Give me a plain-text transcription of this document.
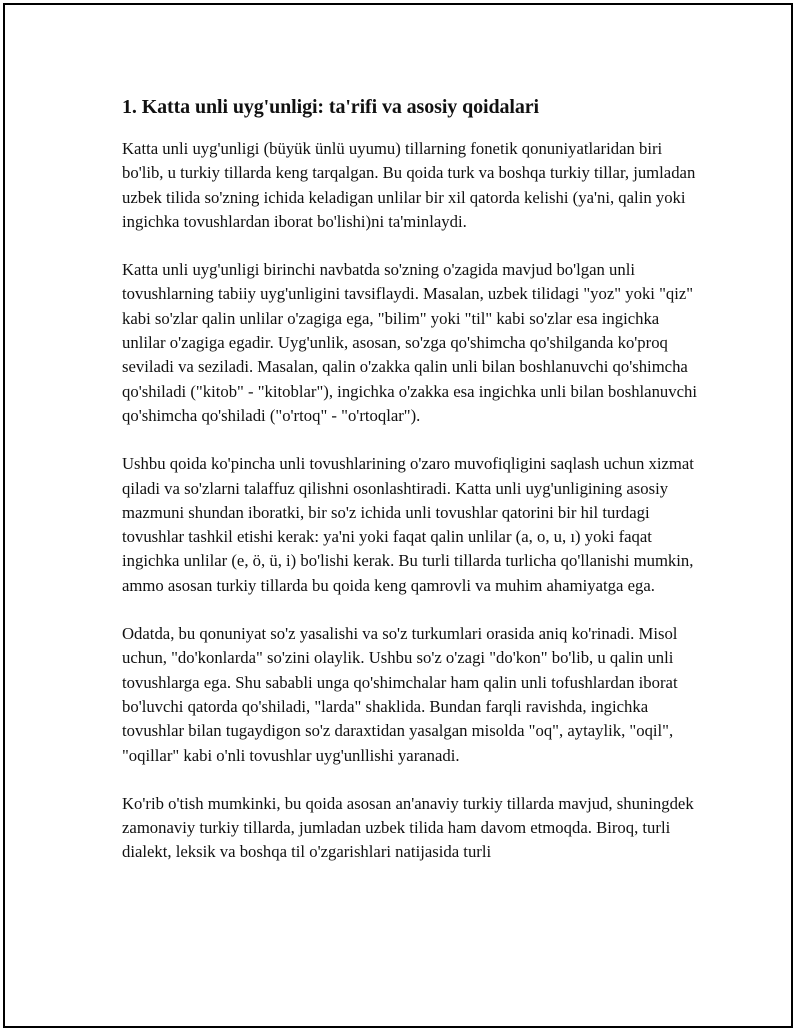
1. Katta unli uyg'unligi: ta'rifi va asosiy qoidalari

Katta unli uyg'unligi (büyük ünlü uyumu) tillarning fonetik qonuniyatlaridan biri bo'lib, u turkiy tillarda keng tarqalgan. Bu qoida turk va boshqa turkiy tillar, jumladan uzbek tilida so'zning ichida keladigan unlilar bir xil qatorda kelishi (ya'ni, qalin yoki ingichka tovushlardan iborat bo'lishi)ni ta'minlaydi.

Katta unli uyg'unligi birinchi navbatda so'zning o'zagida mavjud bo'lgan unli tovushlarning tabiiy uyg'unligini tavsiflaydi. Masalan, uzbek tilidagi "yoz" yoki "qiz" kabi so'zlar qalin unlilar o'zagiga ega, "bilim" yoki "til" kabi so'zlar esa ingichka unlilar o'zagiga egadir. Uyg'unlik, asosan, so'zga qo'shimcha qo'shilganda ko'proq seviladi va seziladi. Masalan, qalin o'zakka qalin unli bilan boshlanuvchi qo'shimcha qo'shiladi ("kitob" - "kitoblar"), ingichka o'zakka esa ingichka unli bilan boshlanuvchi qo'shimcha qo'shiladi ("o'rtoq" - "o'rtoqlar").

Ushbu qoida ko'pincha unli tovushlarining o'zaro muvofiqligini saqlash uchun xizmat qiladi va so'zlarni talaffuz qilishni osonlashtiradi. Katta unli uyg'unligining asosiy mazmuni shundan iboratki, bir so'z ichida unli tovushlar qatorini bir hil turdagi tovushlar tashkil etishi kerak: ya'ni yoki faqat qalin unlilar (a, o, u, ı) yoki faqat ingichka unlilar (e, ö, ü, i) bo'lishi kerak. Bu turli tillarda turlicha qo'llanishi mumkin, ammo asosan turkiy tillarda bu qoida keng qamrovli va muhim ahamiyatga ega.

Odatda, bu qonuniyat so'z yasalishi va so'z turkumlari orasida aniq ko'rinadi. Misol uchun, "do'konlarda" so'zini olaylik. Ushbu so'z o'zagi "do'kon" bo'lib, u qalin unli tovushlarga ega. Shu sababli unga qo'shimchalar ham qalin unli tofushlardan iborat bo'luvchi qatorda qo'shiladi, "larda" shaklida. Bundan farqli ravishda, ingichka tovushlar bilan tugaydigon so'z daraxtidan yasalgan misolda "oq", aytaylik, "oqil", "oqillar" kabi o'nli tovushlar uyg'unllishi yaranadi.

Ko'rib o'tish mumkinki, bu qoida asosan an'anaviy turkiy tillarda mavjud, shuningdek zamonaviy turkiy tillarda, jumladan uzbek tilida ham davom etmoqda. Biroq, turli dialekt, leksik va boshqa til o'zgarishlari natijasida turli
